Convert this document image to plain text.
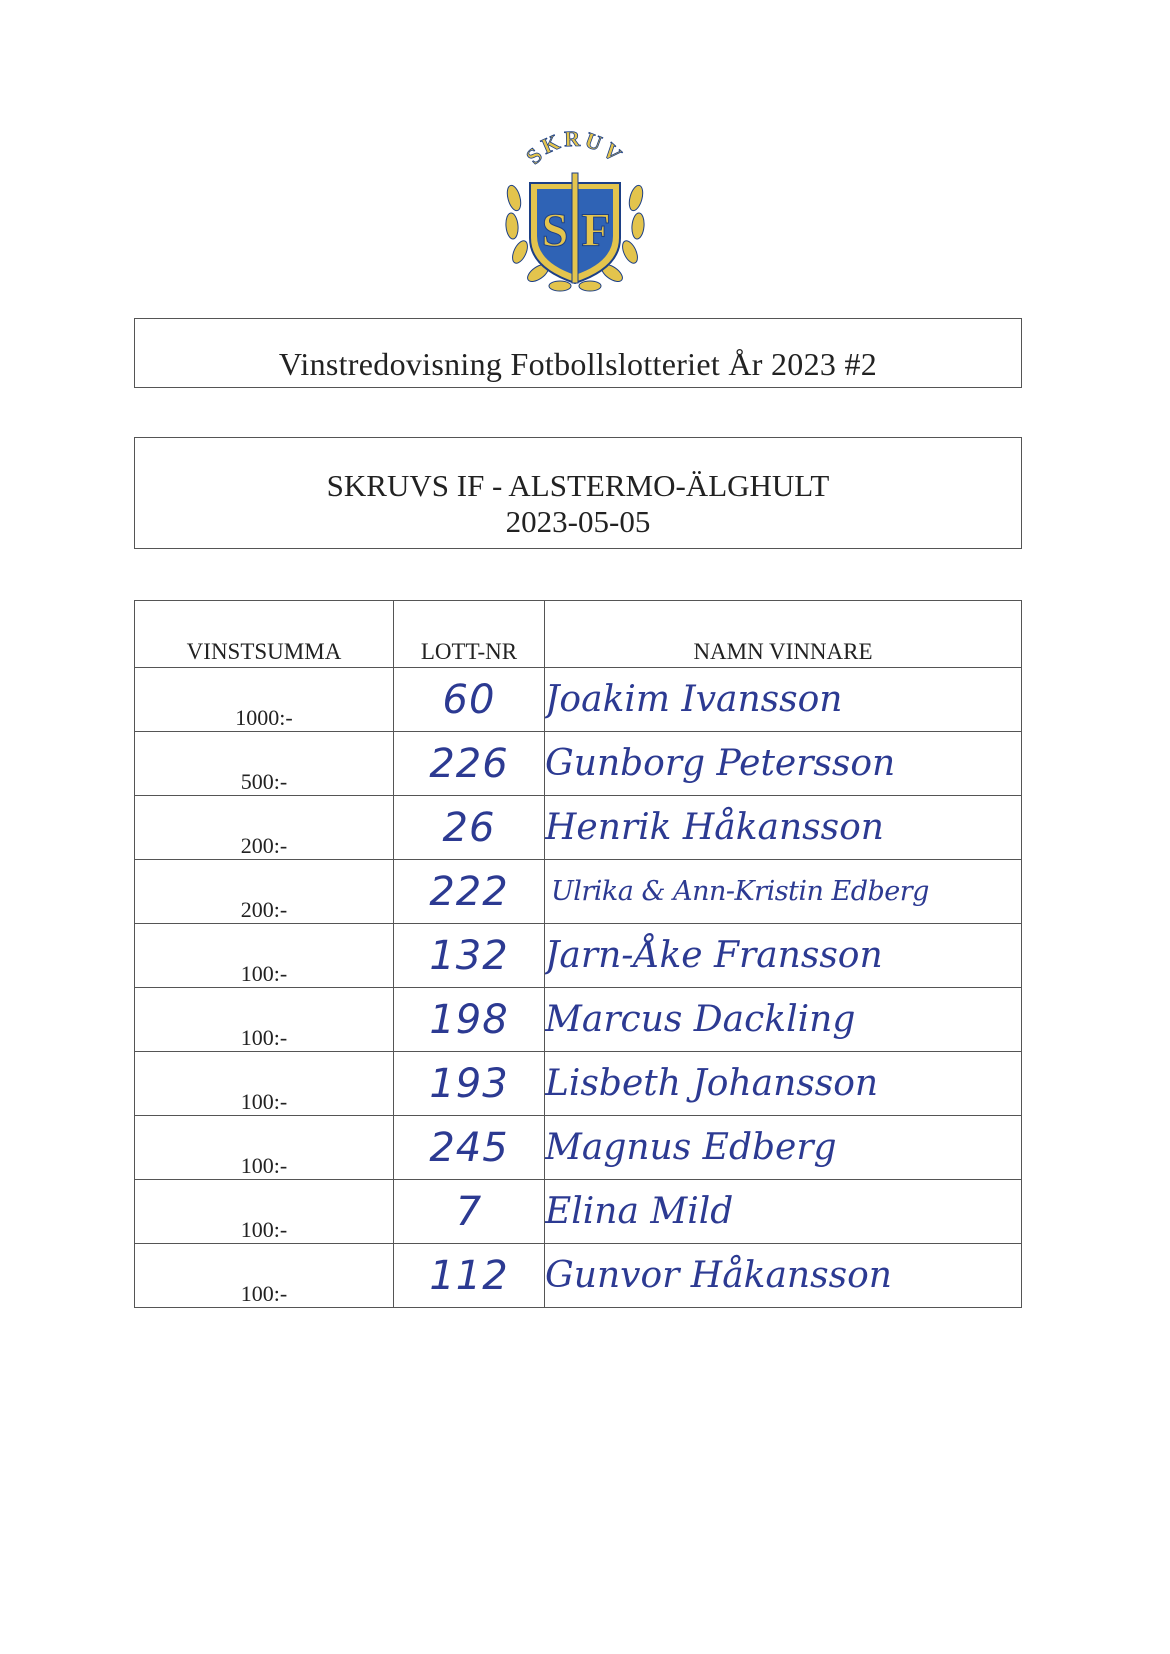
S F
SKRUV
Vinstredovisning Fotbollslotteriet År 2023 #2
SKRUVS IF - ALSTERMO-ÄLGHULT
2023-05-05
VINSTSUMMA	LOTT-NR	NAMN VINNARE
1000:-	60	Joakim Ivansson
500:-	226	Gunborg Petersson
200:-	26	Henrik Håkansson
200:-	222	Ulrika & Ann-Kristin Edberg
100:-	132	Jarn-Åke Fransson
100:-	198	Marcus Dackling
100:-	193	Lisbeth Johansson
100:-	245	Magnus Edberg
100:-	7	Elina Mild
100:-	112	Gunvor Håkansson
